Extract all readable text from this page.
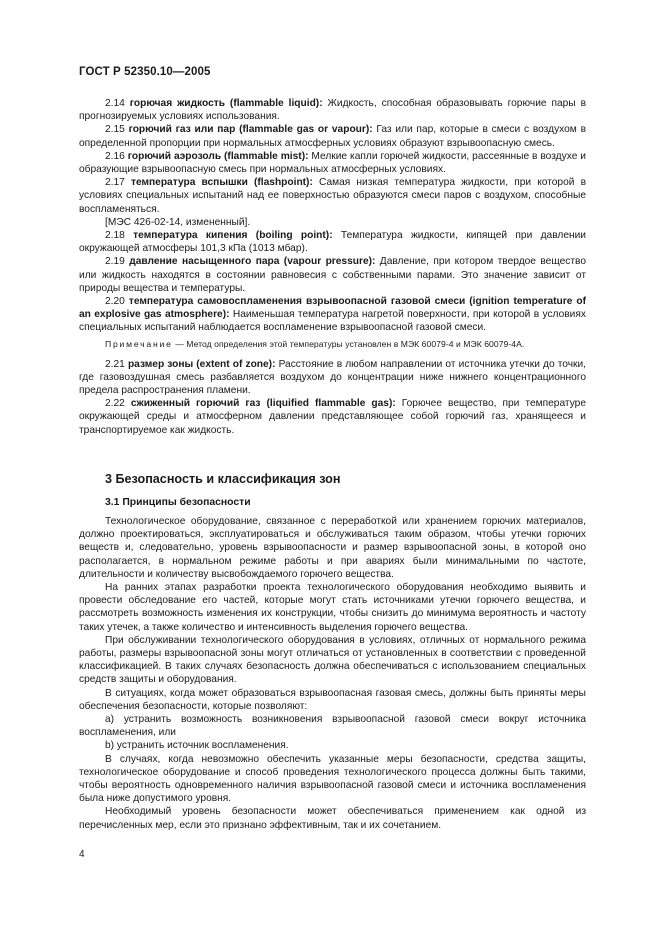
ГОСТ Р 52350.10—2005

2.14 горючая жидкость (flammable liquid): Жидкость, способная образовывать горючие пары в прогнозируемых условиях использования.

2.15 горючий газ или пар (flammable gas or vapour): Газ или пар, которые в смеси с воздухом в определенной пропорции при нормальных атмосферных условиях образуют взрывоопасную смесь.

2.16 горючий аэрозоль (flammable mist): Мелкие капли горючей жидкости, рассеянные в воздухе и образующие взрывоопасную смесь при нормальных атмосферных условиях.

2.17 температура вспышки (flashpoint): Самая низкая температура жидкости, при которой в условиях специальных испытаний над ее поверхностью образуются смеси паров с воздухом, способные воспламеняться.

[МЭС 426-02-14, измененный].

2.18 температура кипения (boiling point): Температура жидкости, кипящей при давлении окружающей атмосферы 101,3 кПа (1013 мбар).

2.19 давление насыщенного пара (vapour pressure): Давление, при котором твердое вещество или жидкость находятся в состоянии равновесия с собственными парами. Это значение зависит от природы вещества и температуры.

2.20 температура самовоспламенения взрывоопасной газовой смеси (ignition temperature of an explosive gas atmosphere): Наименьшая температура нагретой поверхности, при которой в условиях специальных испытаний наблюдается воспламенение взрывоопасной газовой смеси.

Примечание — Метод определения этой температуры установлен в МЭК 60079-4 и МЭК 60079-4А.

2.21 размер зоны (extent of zone): Расстояние в любом направлении от источника утечки до точки, где газовоздушная смесь разбавляется воздухом до концентрации ниже нижнего концентрационного предела распространения пламени.

2.22 сжиженный горючий газ (liquified flammable gas): Горючее вещество, при температуре окружающей среды и атмосферном давлении представляющее собой горючий газ, хранящееся и транспортируемое как жидкость.

3 Безопасность и классификация зон
3.1 Принципы безопасности

Технологическое оборудование, связанное с переработкой или хранением горючих материалов, должно проектироваться, эксплуатироваться и обслуживаться таким образом, чтобы утечки горючих веществ и, следовательно, уровень взрывоопасности и размер взрывоопасной зоны, в которой оно располагается, в нормальном режиме работы и при авариях были минимальными по частоте, длительности и количеству высвобождаемого горючего вещества.

На ранних этапах разработки проекта технологического оборудования необходимо выявить и провести обследование его частей, которые могут стать источниками утечки горючего вещества, и рассмотреть возможность изменения их конструкции, чтобы снизить до минимума вероятность и частоту таких утечек, а также количество и интенсивность выделения горючего вещества.

При обслуживании технологического оборудования в условиях, отличных от нормального режима работы, размеры взрывоопасной зоны могут отличаться от установленных в соответствии с проведенной классификацией. В таких случаях безопасность должна обеспечиваться с использованием специальных средств защиты и оборудования.

В ситуациях, когда может образоваться взрывоопасная газовая смесь, должны быть приняты меры обеспечения безопасности, которые позволяют:

a) устранить возможность возникновения взрывоопасной газовой смеси вокруг источника воспламенения, или

b) устранить источник воспламенения.

В случаях, когда невозможно обеспечить указанные меры безопасности, средства защиты, технологическое оборудование и способ проведения технологического процесса должны быть такими, чтобы вероятность одновременного наличия взрывоопасной газовой смеси и источника воспламенения была ниже допустимого уровня.

Необходимый уровень безопасности может обеспечиваться применением как одной из перечисленных мер, если это признано эффективным, так и их сочетанием.

4
